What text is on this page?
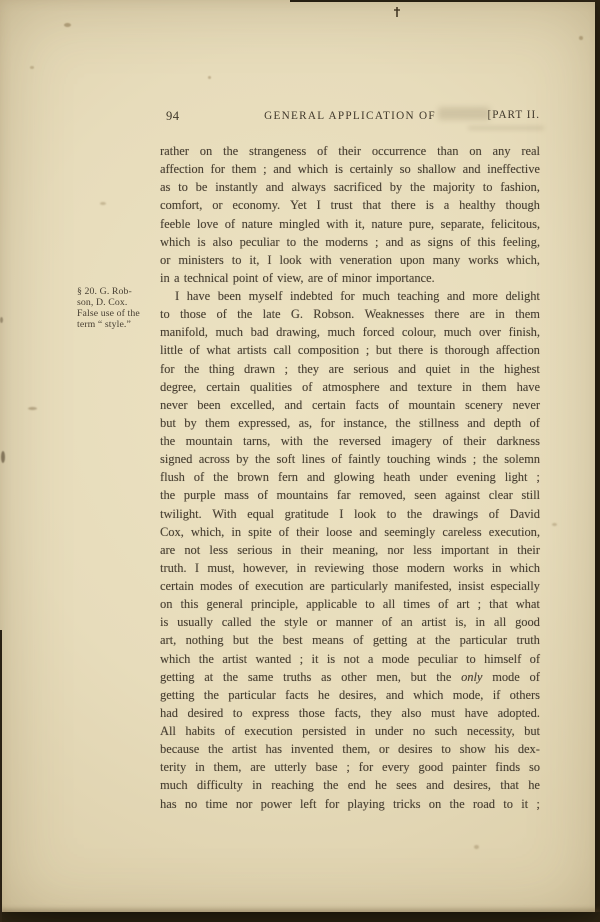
94	GENERAL APPLICATION OF	[PART II.
§ 20. G. Rob-
son, D. Cox.
False use of the
term “ style.”
rather on the strangeness of their occurrence than on any real
affection for them ; and which is certainly so shallow and ineffective
as to be instantly and always sacrificed by the majority to fashion,
comfort, or economy. Yet I trust that there is a healthy though
feeble love of nature mingled with it, nature pure, separate, felicitous,
which is also peculiar to the moderns ; and as signs of this feeling,
or ministers to it, I look with veneration upon many works which,
in a technical point of view, are of minor importance.
I have been myself indebted for much teaching and more delight
to those of the late G. Robson. Weaknesses there are in them
manifold, much bad drawing, much forced colour, much over finish,
little of what artists call composition ; but there is thorough affection
for the thing drawn ; they are serious and quiet in the highest
degree, certain qualities of atmosphere and texture in them have
never been excelled, and certain facts of mountain scenery never
but by them expressed, as, for instance, the stillness and depth of
the mountain tarns, with the reversed imagery of their darkness
signed across by the soft lines of faintly touching winds ; the solemn
flush of the brown fern and glowing heath under evening light ;
the purple mass of mountains far removed, seen against clear still
twilight. With equal gratitude I look to the drawings of David
Cox, which, in spite of their loose and seemingly careless execution,
are not less serious in their meaning, nor less important in their
truth. I must, however, in reviewing those modern works in which
certain modes of execution are particularly manifested, insist especially
on this general principle, applicable to all times of art ; that what
is usually called the style or manner of an artist is, in all good
art, nothing but the best means of getting at the particular truth
which the artist wanted ; it is not a mode peculiar to himself of
getting at the same truths as other men, but the only mode of
getting the particular facts he desires, and which mode, if others
had desired to express those facts, they also must have adopted.
All habits of execution persisted in under no such necessity, but
because the artist has invented them, or desires to show his dex-
terity in them, are utterly base ; for every good painter finds so
much difficulty in reaching the end he sees and desires, that he
has no time nor power left for playing tricks on the road to it ;
